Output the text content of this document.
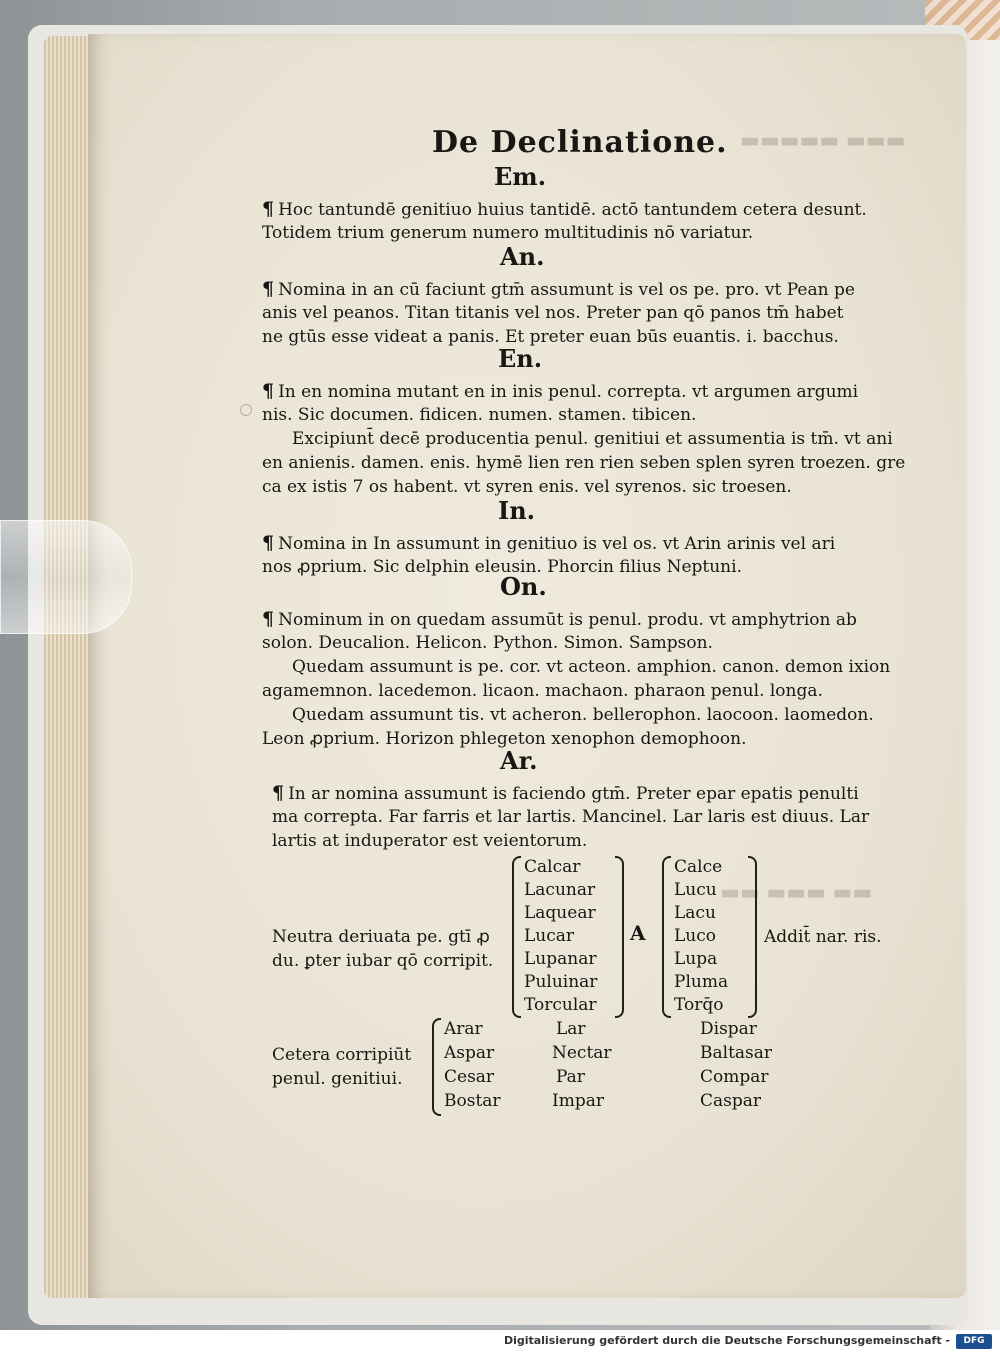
▬▬▬▬▬ ▬▬▬
▬▬ ▬▬▬ ▬▬
De Declinatione.
Em.
¶ Hoc tantundē genitiuo huius tantidē. actō tantundem cetera desunt.
Totidem trium generum numero multitudinis nō variatur.
An.
¶ Nomina in an cū faciunt gtm̄ assumunt is vel os pe. pro. vt Pean pe
anis vel peanos. Titan titanis vel nos. Preter pan qō panos tm̄ habet
ne gtūs esse videat a panis. Et preter euan būs euantis. i. bacchus.
En.
¶ In en nomina mutant en in inis penul. correpta. vt argumen argumi
nis. Sic documen. fidicen. numen. stamen. tibicen.
Excipiunt̄ decē producentia penul. genitiui et assumentia is tm̄. vt ani
en anienis. damen. enis. hymē lien ren rien seben splen syren troezen. gre
ca ex istis 7 os habent. vt syren enis. vel syrenos. sic troesen.
In.
¶ Nomina in In assumunt in genitiuo is vel os. vt Arin arinis vel ari
nos ꝓprium. Sic delphin eleusin. Phorcin filius Neptuni.
On.
¶ Nominum in on quedam assumūt is penul. produ. vt amphytrion ab
solon. Deucalion. Helicon. Python. Simon. Sampson.
Quedam assumunt is pe. cor. vt acteon. amphion. canon. demon ixion
agamemnon. lacedemon. licaon. machaon. pharaon penul. longa.
Quedam assumunt tis. vt acheron. bellerophon. laocoon. laomedon.
Leon ꝓprium. Horizon phlegeton xenophon demophoon.
Ar.
¶ In ar nomina assumunt is faciendo gtm̄. Preter epar epatis penulti
ma correpta. Far farris et lar lartis. Mancinel. Lar laris est diuus. Lar
lartis at induperator est veientorum.
Neutra deriuata pe. gtī ꝓ
du. ꝑter iubar qō corripit.
Calcar
Lacunar
Laquear
Lucar
Lupanar
Puluinar
Torcular
A
Calce
Lucu
Lacu
Luco
Lupa
Pluma
Torq̄o
Addit̄ nar. ris.
Cetera corripiūt
penul. genitiui.
Arar
Aspar
Cesar
Bostar
Lar
Nectar
Par
Impar
Dispar
Baltasar
Compar
Caspar
Digitalisierung gefördert durch die Deutsche Forschungsgemeinschaft -	DFG
